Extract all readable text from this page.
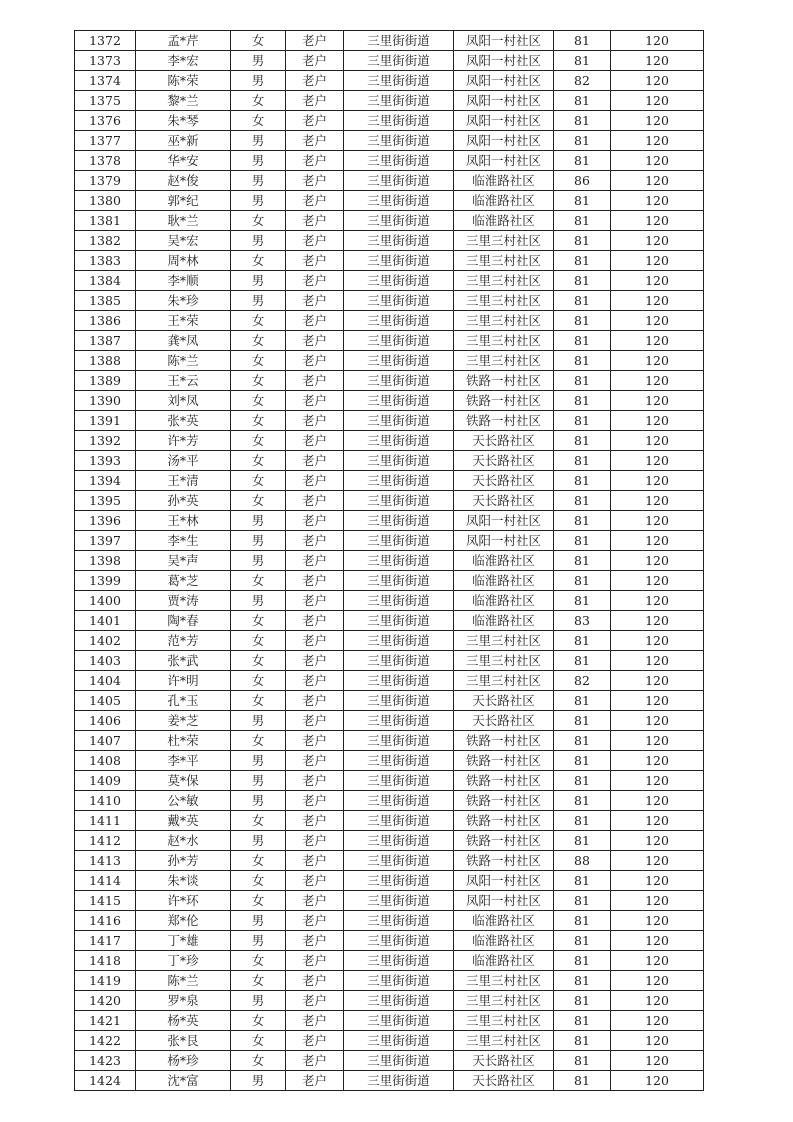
1372	孟*芹	女	老户	三里街街道	凤阳一村社区	81	120
1373	李*宏	男	老户	三里街街道	凤阳一村社区	81	120
1374	陈*荣	男	老户	三里街街道	凤阳一村社区	82	120
1375	黎*兰	女	老户	三里街街道	凤阳一村社区	81	120
1376	朱*琴	女	老户	三里街街道	凤阳一村社区	81	120
1377	巫*新	男	老户	三里街街道	凤阳一村社区	81	120
1378	华*安	男	老户	三里街街道	凤阳一村社区	81	120
1379	赵*俊	男	老户	三里街街道	临淮路社区	86	120
1380	郭*纪	男	老户	三里街街道	临淮路社区	81	120
1381	耿*兰	女	老户	三里街街道	临淮路社区	81	120
1382	吴*宏	男	老户	三里街街道	三里三村社区	81	120
1383	周*林	女	老户	三里街街道	三里三村社区	81	120
1384	李*顺	男	老户	三里街街道	三里三村社区	81	120
1385	朱*珍	男	老户	三里街街道	三里三村社区	81	120
1386	王*荣	女	老户	三里街街道	三里三村社区	81	120
1387	龚*凤	女	老户	三里街街道	三里三村社区	81	120
1388	陈*兰	女	老户	三里街街道	三里三村社区	81	120
1389	王*云	女	老户	三里街街道	铁路一村社区	81	120
1390	刘*凤	女	老户	三里街街道	铁路一村社区	81	120
1391	张*英	女	老户	三里街街道	铁路一村社区	81	120
1392	许*芳	女	老户	三里街街道	天长路社区	81	120
1393	汤*平	女	老户	三里街街道	天长路社区	81	120
1394	王*清	女	老户	三里街街道	天长路社区	81	120
1395	孙*英	女	老户	三里街街道	天长路社区	81	120
1396	王*林	男	老户	三里街街道	凤阳一村社区	81	120
1397	李*生	男	老户	三里街街道	凤阳一村社区	81	120
1398	吴*声	男	老户	三里街街道	临淮路社区	81	120
1399	葛*芝	女	老户	三里街街道	临淮路社区	81	120
1400	贾*涛	男	老户	三里街街道	临淮路社区	81	120
1401	陶*春	女	老户	三里街街道	临淮路社区	83	120
1402	范*芳	女	老户	三里街街道	三里三村社区	81	120
1403	张*武	女	老户	三里街街道	三里三村社区	81	120
1404	许*明	女	老户	三里街街道	三里三村社区	82	120
1405	孔*玉	女	老户	三里街街道	天长路社区	81	120
1406	姜*芝	男	老户	三里街街道	天长路社区	81	120
1407	杜*荣	女	老户	三里街街道	铁路一村社区	81	120
1408	李*平	男	老户	三里街街道	铁路一村社区	81	120
1409	莫*保	男	老户	三里街街道	铁路一村社区	81	120
1410	公*敏	男	老户	三里街街道	铁路一村社区	81	120
1411	戴*英	女	老户	三里街街道	铁路一村社区	81	120
1412	赵*水	男	老户	三里街街道	铁路一村社区	81	120
1413	孙*芳	女	老户	三里街街道	铁路一村社区	88	120
1414	朱*谈	女	老户	三里街街道	凤阳一村社区	81	120
1415	许*环	女	老户	三里街街道	凤阳一村社区	81	120
1416	郑*伦	男	老户	三里街街道	临淮路社区	81	120
1417	丁*雄	男	老户	三里街街道	临淮路社区	81	120
1418	丁*珍	女	老户	三里街街道	临淮路社区	81	120
1419	陈*兰	女	老户	三里街街道	三里三村社区	81	120
1420	罗*泉	男	老户	三里街街道	三里三村社区	81	120
1421	杨*英	女	老户	三里街街道	三里三村社区	81	120
1422	张*艮	女	老户	三里街街道	三里三村社区	81	120
1423	杨*珍	女	老户	三里街街道	天长路社区	81	120
1424	沈*富	男	老户	三里街街道	天长路社区	81	120
